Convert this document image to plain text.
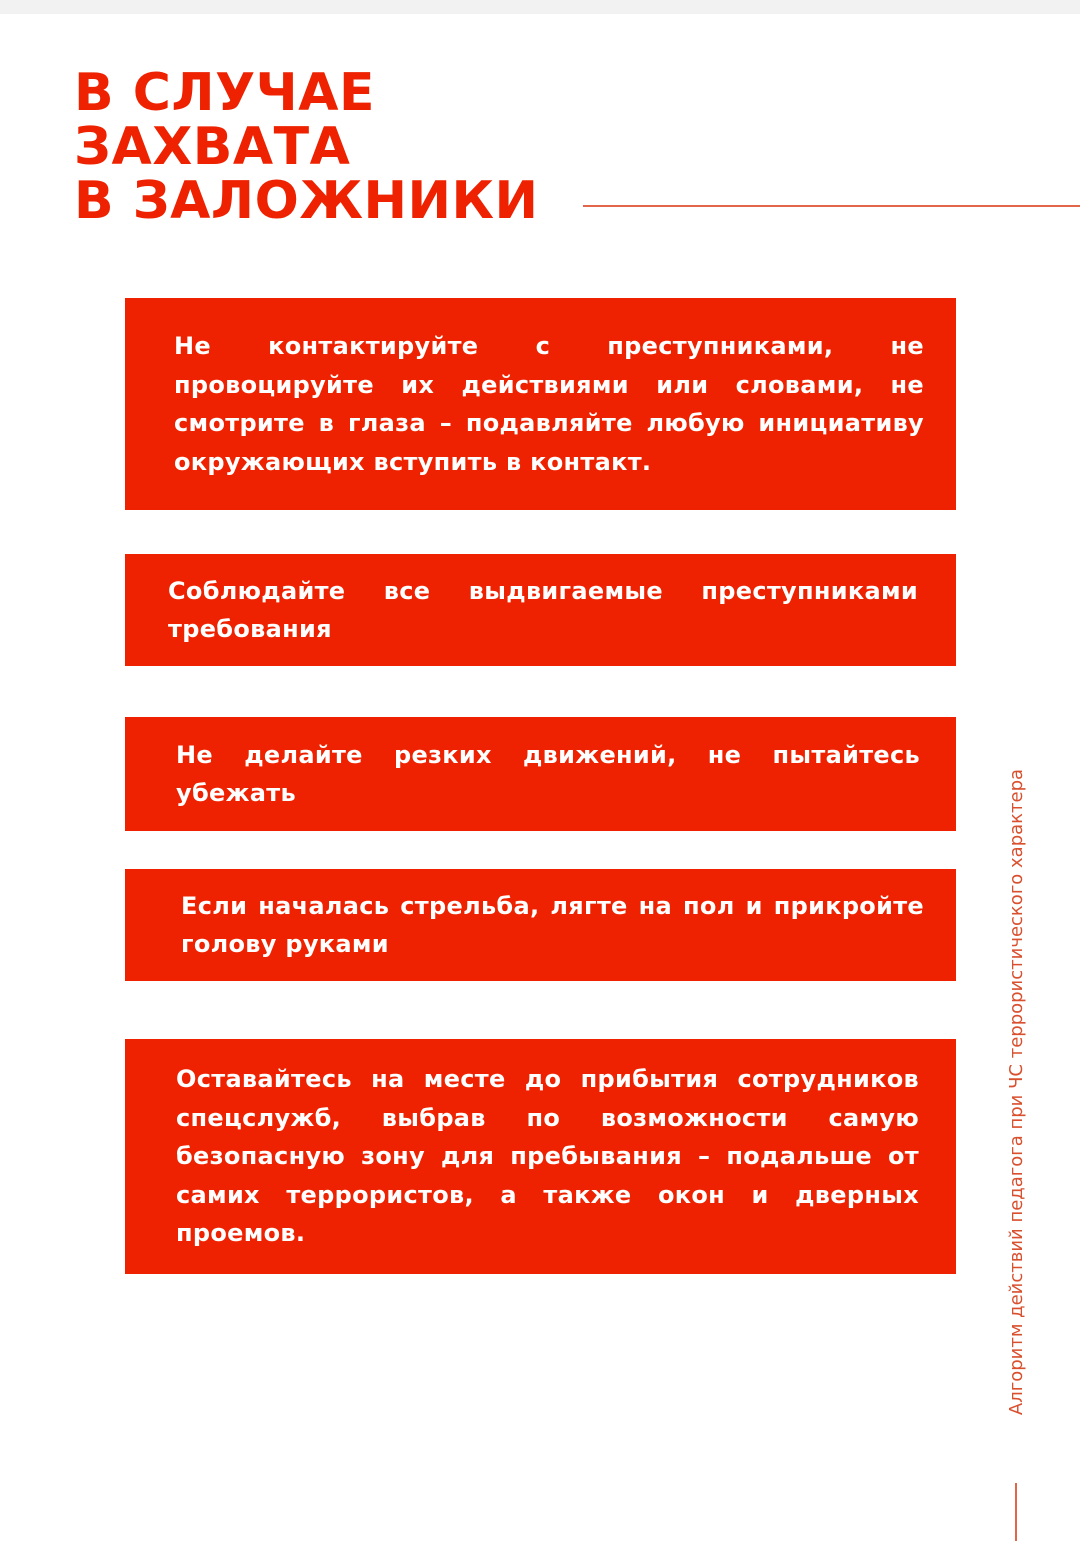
В СЛУЧАЕ
ЗАХВАТА
В ЗАЛОЖНИКИ

Не контактируйте с преступниками, не провоцируйте их действиями или словами, не смотрите в глаза – подавляйте любую инициативу окружающих вступить в контакт.

Соблюдайте все выдвигаемые преступниками требования

Не делайте резких движений, не пытайтесь убежать

Если началась стрельба, лягте на пол и прикройте голову руками

Оставайтесь на месте до прибытия сотрудников спецслужб, выбрав по возможности самую безопасную зону для пребывания – подальше от самих террористов, а также окон и дверных проемов.	Алгоритм действий педагога при ЧС террористического характера
